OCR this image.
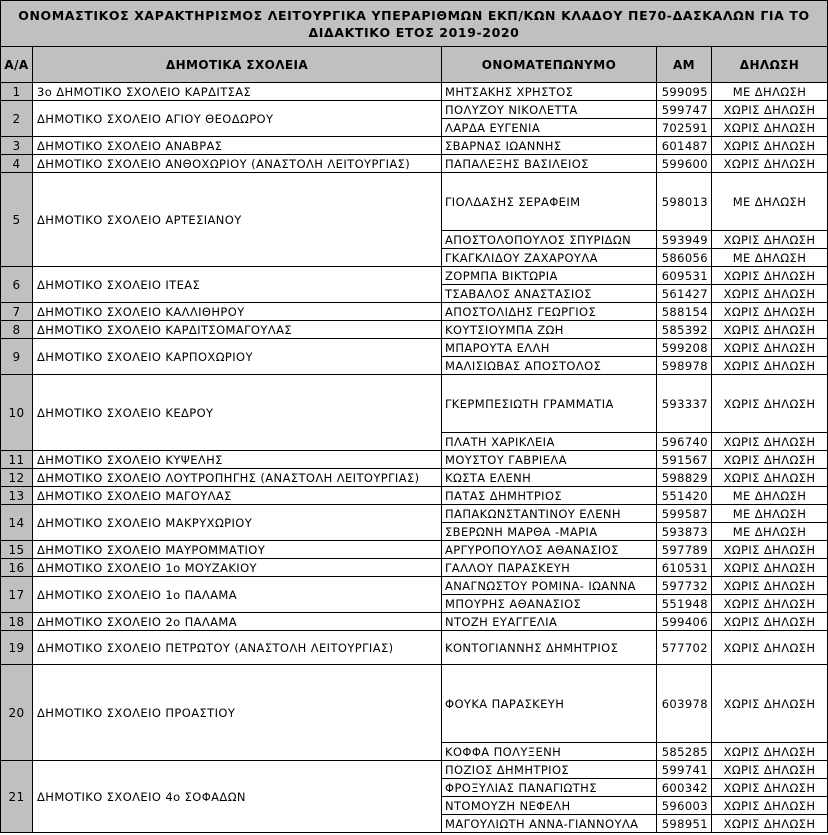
ΟΝΟΜΑΣΤΙΚΟΣ ΧΑΡΑΚΤΗΡΙΣΜΟΣ ΛΕΙΤΟΥΡΓΙΚΑ ΥΠΕΡΑΡΙΘΜΩΝ ΕΚΠ/ΚΩΝ ΚΛΑΔΟΥ ΠΕ70-ΔΑΣΚΑΛΩΝ ΓΙΑ ΤΟ
ΔΙΔΑΚΤΙΚΟ ΕΤΟΣ 2019-2020				

Α/Α	ΔΗΜΟΤΙΚΑ ΣΧΟΛΕΙΑ	ΟΝΟΜΑΤΕΠΩΝΥΜΟ	ΑΜ	ΔΗΛΩΣΗ
1	3ο ΔΗΜΟΤΙΚΟ ΣΧΟΛΕΙΟ ΚΑΡΔΙΤΣΑΣ	ΜΗΤΣΑΚΗΣ ΧΡΗΣΤΟΣ	599095	ΜΕ ΔΗΛΩΣΗ
2	ΔΗΜΟΤΙΚΟ ΣΧΟΛΕΙΟ ΑΓΙΟΥ ΘΕΟΔΩΡΟΥ	ΠΟΛΥΖΟΥ ΝΙΚΟΛΕΤΤΑ	599747	ΧΩΡΙΣ ΔΗΛΩΣΗ
		ΛΑΡΔΑ ΕΥΓΕΝΙΑ	702591	ΧΩΡΙΣ ΔΗΛΩΣΗ
3	ΔΗΜΟΤΙΚΟ ΣΧΟΛΕΙΟ ΑΝΑΒΡΑΣ	ΣΒΑΡΝΑΣ ΙΩΑΝΝΗΣ	601487	ΧΩΡΙΣ ΔΗΛΩΣΗ
4	ΔΗΜΟΤΙΚΟ ΣΧΟΛΕΙΟ ΑΝΘΟΧΩΡΙΟΥ (ΑΝΑΣΤΟΛΗ ΛΕΙΤΟΥΡΓΙΑΣ)	ΠΑΠΑΛΕΞΗΣ ΒΑΣΙΛΕΙΟΣ	599600	ΧΩΡΙΣ ΔΗΛΩΣΗ
5	ΔΗΜΟΤΙΚΟ ΣΧΟΛΕΙΟ ΑΡΤΕΣΙΑΝΟΥ	ΓΙΟΛΔΑΣΗΣ ΣΕΡΑΦΕΙΜ	598013	ΜΕ ΔΗΛΩΣΗ
		ΑΠΟΣΤΟΛΟΠΟΥΛΟΣ ΣΠΥΡΙΔΩΝ	593949	ΧΩΡΙΣ ΔΗΛΩΣΗ
		ΓΚΑΓΚΛΙΔΟΥ ΖΑΧΑΡΟΥΛΑ	586056	ΜΕ ΔΗΛΩΣΗ
6	ΔΗΜΟΤΙΚΟ ΣΧΟΛΕΙΟ ΙΤΕΑΣ	ΖΟΡΜΠΑ ΒΙΚΤΩΡΙΑ	609531	ΧΩΡΙΣ ΔΗΛΩΣΗ
		ΤΣΑΒΑΛΟΣ ΑΝΑΣΤΑΣΙΟΣ	561427	ΧΩΡΙΣ ΔΗΛΩΣΗ
7	ΔΗΜΟΤΙΚΟ ΣΧΟΛΕΙΟ ΚΑΛΛΙΘΗΡΟΥ	ΑΠΟΣΤΟΛΙΔΗΣ ΓΕΩΡΓΙΟΣ	588154	ΧΩΡΙΣ ΔΗΛΩΣΗ
8	ΔΗΜΟΤΙΚΟ ΣΧΟΛΕΙΟ ΚΑΡΔΙΤΣΟΜΑΓΟΥΛΑΣ	ΚΟΥΤΣΙΟΥΜΠΑ ΖΩΗ	585392	ΧΩΡΙΣ ΔΗΛΩΣΗ
9	ΔΗΜΟΤΙΚΟ ΣΧΟΛΕΙΟ ΚΑΡΠΟΧΩΡΙΟΥ	ΜΠΑΡΟΥΤΑ ΕΛΛΗ	599208	ΧΩΡΙΣ ΔΗΛΩΣΗ
		ΜΑΛΙΣΙΩΒΑΣ ΑΠΟΣΤΟΛΟΣ	598978	ΧΩΡΙΣ ΔΗΛΩΣΗ
10	ΔΗΜΟΤΙΚΟ ΣΧΟΛΕΙΟ ΚΕΔΡΟΥ	ΓΚΕΡΜΠΕΣΙΩΤΗ ΓΡΑΜΜΑΤΙΑ	593337	ΧΩΡΙΣ ΔΗΛΩΣΗ
		ΠΛΑΤΗ ΧΑΡΙΚΛΕΙΑ	596740	ΧΩΡΙΣ ΔΗΛΩΣΗ
11	ΔΗΜΟΤΙΚΟ ΣΧΟΛΕΙΟ ΚΥΨΕΛΗΣ	ΜΟΥΣΤΟΥ ΓΑΒΡΙΕΛΑ	591567	ΧΩΡΙΣ ΔΗΛΩΣΗ
12	ΔΗΜΟΤΙΚΟ ΣΧΟΛΕΙΟ ΛΟΥΤΡΟΠΗΓΗΣ (ΑΝΑΣΤΟΛΗ ΛΕΙΤΟΥΡΓΙΑΣ)	ΚΩΣΤΑ ΕΛΕΝΗ	598829	ΧΩΡΙΣ ΔΗΛΩΣΗ
13	ΔΗΜΟΤΙΚΟ ΣΧΟΛΕΙΟ ΜΑΓΟΥΛΑΣ	ΠΑΤΑΣ ΔΗΜΗΤΡΙΟΣ	551420	ΜΕ ΔΗΛΩΣΗ
14	ΔΗΜΟΤΙΚΟ ΣΧΟΛΕΙΟ ΜΑΚΡΥΧΩΡΙΟΥ	ΠΑΠΑΚΩΝΣΤΑΝΤΙΝΟΥ ΕΛΕΝΗ	599587	ΜΕ ΔΗΛΩΣΗ
		ΣΒΕΡΩΝΗ ΜΑΡΘΑ -ΜΑΡΙΑ	593873	ΜΕ ΔΗΛΩΣΗ
15	ΔΗΜΟΤΙΚΟ ΣΧΟΛΕΙΟ ΜΑΥΡΟΜΜΑΤΙΟΥ	ΑΡΓΥΡΟΠΟΥΛΟΣ ΑΘΑΝΑΣΙΟΣ	597789	ΧΩΡΙΣ ΔΗΛΩΣΗ
16	ΔΗΜΟΤΙΚΟ ΣΧΟΛΕΙΟ 1ο ΜΟΥΖΑΚΙΟΥ	ΓΑΛΛΟΥ ΠΑΡΑΣΚΕΥΗ	610531	ΧΩΡΙΣ ΔΗΛΩΣΗ
17	ΔΗΜΟΤΙΚΟ ΣΧΟΛΕΙΟ 1ο ΠΑΛΑΜΑ	ΑΝΑΓΝΩΣΤΟΥ ΡΟΜΙΝΑ- ΙΩΑΝΝΑ	597732	ΧΩΡΙΣ ΔΗΛΩΣΗ
		ΜΠΟΥΡΗΣ ΑΘΑΝΑΣΙΟΣ	551948	ΧΩΡΙΣ ΔΗΛΩΣΗ
18	ΔΗΜΟΤΙΚΟ ΣΧΟΛΕΙΟ 2ο ΠΑΛΑΜΑ	ΝΤΟΖΗ ΕΥΑΓΓΕΛΙΑ	599406	ΧΩΡΙΣ ΔΗΛΩΣΗ
19	ΔΗΜΟΤΙΚΟ ΣΧΟΛΕΙΟ ΠΕΤΡΩΤΟΥ (ΑΝΑΣΤΟΛΗ ΛΕΙΤΟΥΡΓΙΑΣ)	ΚΟΝΤΟΓΙΑΝΝΗΣ ΔΗΜΗΤΡΙΟΣ	577702	ΧΩΡΙΣ ΔΗΛΩΣΗ
20	ΔΗΜΟΤΙΚΟ ΣΧΟΛΕΙΟ ΠΡΟΑΣΤΙΟΥ	ΦΟΥΚΑ ΠΑΡΑΣΚΕΥΗ	603978	ΧΩΡΙΣ ΔΗΛΩΣΗ
		ΚΟΦΦΑ ΠΟΛΥΞΕΝΗ	585285	ΧΩΡΙΣ ΔΗΛΩΣΗ
21	ΔΗΜΟΤΙΚΟ ΣΧΟΛΕΙΟ 4ο ΣΟΦΑΔΩΝ	ΠΟΖΙΟΣ ΔΗΜΗΤΡΙΟΣ	599741	ΧΩΡΙΣ ΔΗΛΩΣΗ
		ΦΡΟΞΥΛΙΑΣ ΠΑΝΑΓΙΩΤΗΣ	600342	ΧΩΡΙΣ ΔΗΛΩΣΗ
		ΝΤΟΜΟΥΖΗ ΝΕΦΕΛΗ	596003	ΧΩΡΙΣ ΔΗΛΩΣΗ
		ΜΑΓΟΥΛΙΩΤΗ ΑΝΝΑ-ΓΙΑΝΝΟΥΛΑ	598951	ΧΩΡΙΣ ΔΗΛΩΣΗ
